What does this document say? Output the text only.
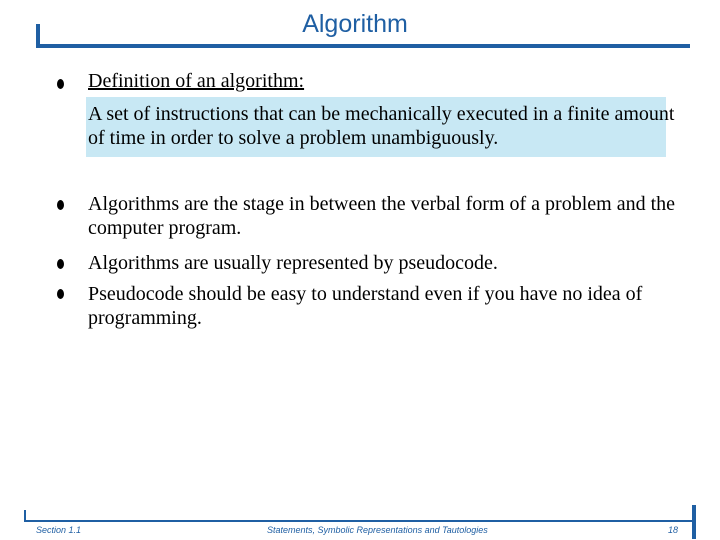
Algorithm
Definition of an algorithm:
A set of instructions that can be mechanically executed in a finite amount of time in order to solve a problem unambiguously.
Algorithms are the stage in between the verbal form of a problem and the computer program.
Algorithms are usually represented by pseudocode.
Pseudocode should be easy to understand even if you have no idea of programming.
Section 1.1	Statements, Symbolic Representations and Tautologies	18
